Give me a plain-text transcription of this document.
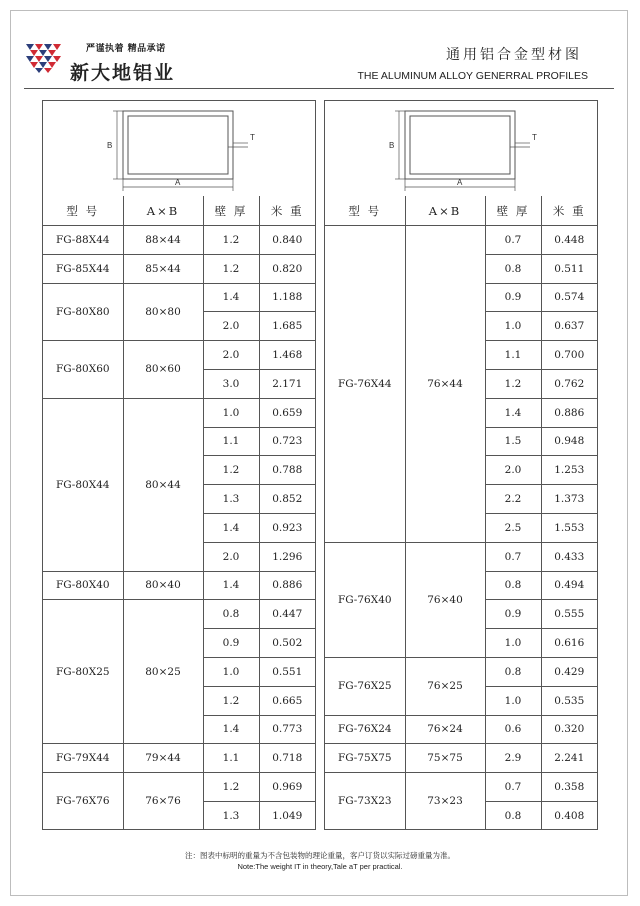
严谨执着 精品承诺
新大地铝业
通用铝合金型材图
THE ALUMINUM ALLOY GENERRAL PROFILES
B
A
T
型 号	A×B	壁 厚	米 重
FG-88X44	88×44	1.2	0.840
FG-85X44	85×44	1.2	0.820
FG-80X80	80×80	1.4	1.188
		2.0	1.685
FG-80X60	80×60	2.0	1.468
		3.0	2.171
FG-80X44	80×44	1.0	0.659
		1.1	0.723
		1.2	0.788
		1.3	0.852
		1.4	0.923
		2.0	1.296
FG-80X40	80×40	1.4	0.886
FG-80X25	80×25	0.8	0.447
		0.9	0.502
		1.0	0.551
		1.2	0.665
		1.4	0.773
FG-79X44	79×44	1.1	0.718
FG-76X76	76×76	1.2	0.969
		1.3	1.049
B
A
T
型 号	A×B	壁 厚	米 重
FG-76X44	76×44	0.7	0.448
		0.8	0.511
		0.9	0.574
		1.0	0.637
		1.1	0.700
		1.2	0.762
		1.4	0.886
		1.5	0.948
		2.0	1.253
		2.2	1.373
		2.5	1.553
FG-76X40	76×40	0.7	0.433
		0.8	0.494
		0.9	0.555
		1.0	0.616
FG-76X25	76×25	0.8	0.429
		1.0	0.535
FG-76X24	76×24	0.6	0.320
FG-75X75	75×75	2.9	2.241
FG-73X23	73×23	0.7	0.358
		0.8	0.408
注：图表中标明的重量为不含包装物的理论重量，客户订货以实际过磅重量为准。
Note:The weight IT in theory,Tale aT per practical.
